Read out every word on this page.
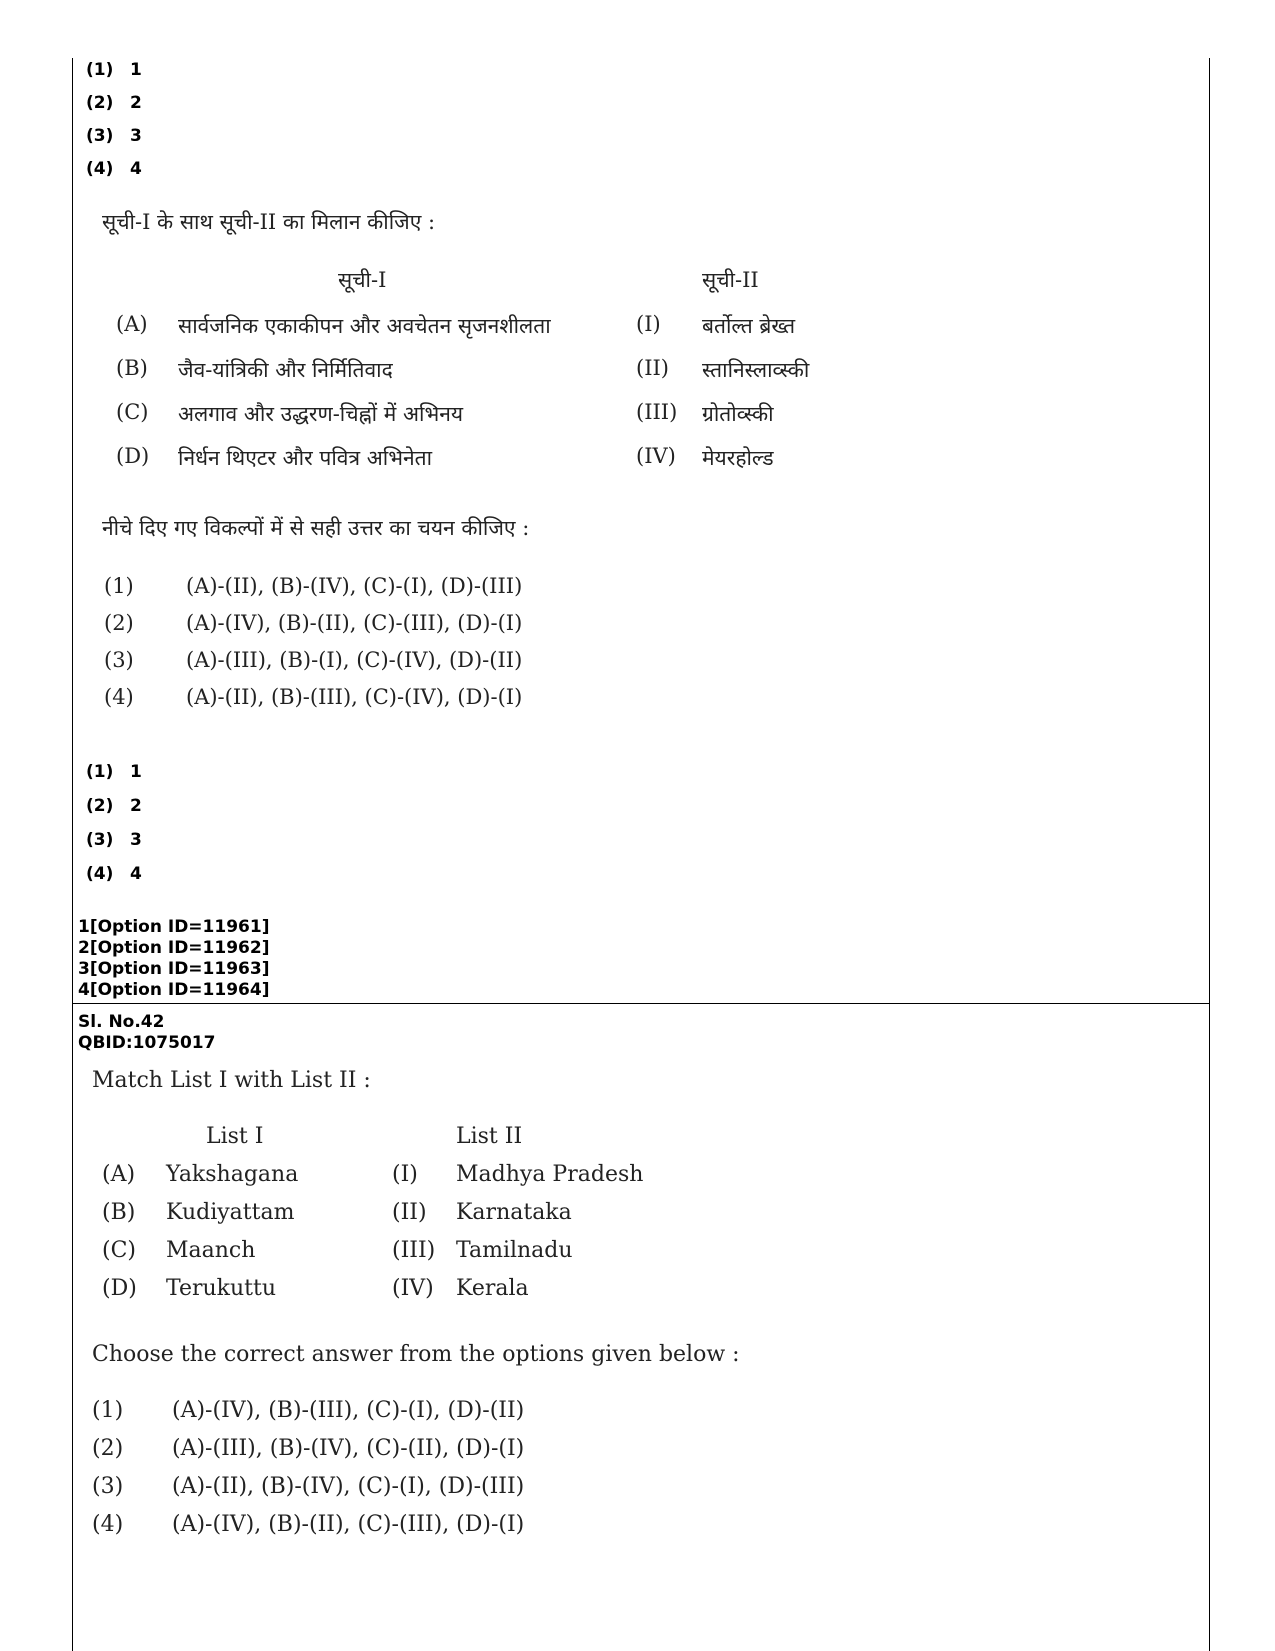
(1) 1
(2) 2
(3) 3
(4) 4
सूची-I के साथ सूची-II का मिलान कीजिए :
सूची-I	सूची-II
(A) सार्वजनिक एकाकीपन और अवचेतन सृजनशीलता	(I) बर्तोल्त ब्रेख्त
(B) जैव-यांत्रिकी और निर्मितिवाद	(II) स्तानिस्लाव्स्की
(C) अलगाव और उद्धरण-चिह्नों में अभिनय	(III) ग्रोतोव्स्की
(D) निर्धन थिएटर और पवित्र अभिनेता	(IV) मेयरहोल्ड
नीचे दिए गए विकल्पों में से सही उत्तर का चयन कीजिए :
(1) (A)-(II), (B)-(IV), (C)-(I), (D)-(III)
(2) (A)-(IV), (B)-(II), (C)-(III), (D)-(I)
(3) (A)-(III), (B)-(I), (C)-(IV), (D)-(II)
(4) (A)-(II), (B)-(III), (C)-(IV), (D)-(I)
(1) 1
(2) 2
(3) 3
(4) 4
1[Option ID=11961]
2[Option ID=11962]
3[Option ID=11963]
4[Option ID=11964]
Sl. No.42
QBID:1075017
Match List I with List II :
List I	List II
(A) Yakshagana	(I) Madhya Pradesh
(B) Kudiyattam	(II) Karnataka
(C) Maanch	(III) Tamilnadu
(D) Terukuttu	(IV) Kerala
Choose the correct answer from the options given below :
(1) (A)-(IV), (B)-(III), (C)-(I), (D)-(II)
(2) (A)-(III), (B)-(IV), (C)-(II), (D)-(I)
(3) (A)-(II), (B)-(IV), (C)-(I), (D)-(III)
(4) (A)-(IV), (B)-(II), (C)-(III), (D)-(I)
